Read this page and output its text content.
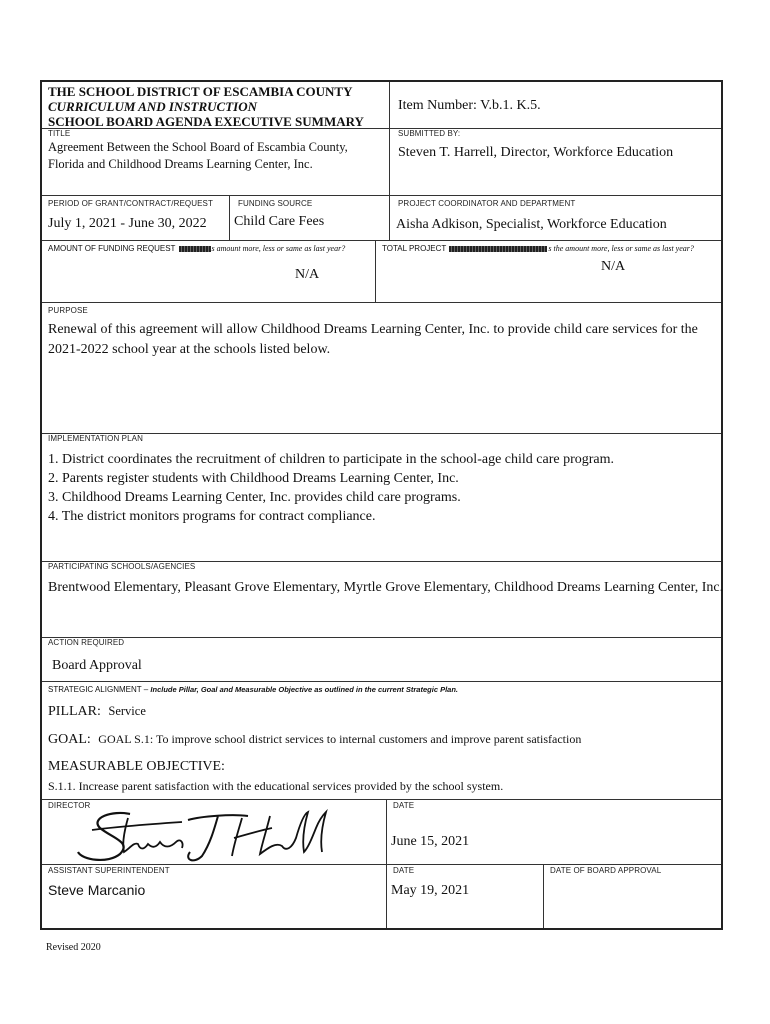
THE SCHOOL DISTRICT OF ESCAMBIA COUNTY
CURRICULUM AND INSTRUCTION
SCHOOL BOARD AGENDA EXECUTIVE SUMMARY
Item Number: V.b.1. K.5.
TITLE
Agreement Between the School Board of Escambia County,
Florida and Childhood Dreams Learning Center, Inc.
SUBMITTED BY:
Steven T. Harrell, Director, Workforce Education
PERIOD OF GRANT/CONTRACT/REQUEST
July 1, 2021 - June 30, 2022
FUNDING SOURCE
Child Care Fees
PROJECT COORDINATOR AND DEPARTMENT
Aisha Adkison, Specialist, Workforce Education
AMOUNT OF FUNDING REQUEST	s amount more, less or same as last year?
N/A
TOTAL PROJECT	s the amount more, less or same as last year?
N/A
PURPOSE
Renewal of this agreement will allow Childhood Dreams Learning Center, Inc. to provide child care services for the
2021-2022 school year at the schools listed below.
IMPLEMENTATION PLAN
1. District coordinates the recruitment of children to participate in the school-age child care program.
2. Parents register students with Childhood Dreams Learning Center, Inc.
3. Childhood Dreams Learning Center, Inc. provides child care programs.
4. The district monitors programs for contract compliance.
PARTICIPATING SCHOOLS/AGENCIES
Brentwood Elementary, Pleasant Grove Elementary, Myrtle Grove Elementary, Childhood Dreams Learning Center, Inc.
ACTION REQUIRED
Board Approval
STRATEGIC ALIGNMENT – Include Pillar, Goal and Measurable Objective as outlined in the current Strategic Plan.
PILLAR: Service
GOAL: GOAL S.1: To improve school district services to internal customers and improve parent satisfaction
MEASURABLE OBJECTIVE:
S.1.1. Increase parent satisfaction with the educational services provided by the school system.
DIRECTOR	DATE
June 15, 2021
ASSISTANT SUPERINTENDENT
Steve Marcanio
DATE
May 19, 2021
DATE OF BOARD APPROVAL
Revised 2020
